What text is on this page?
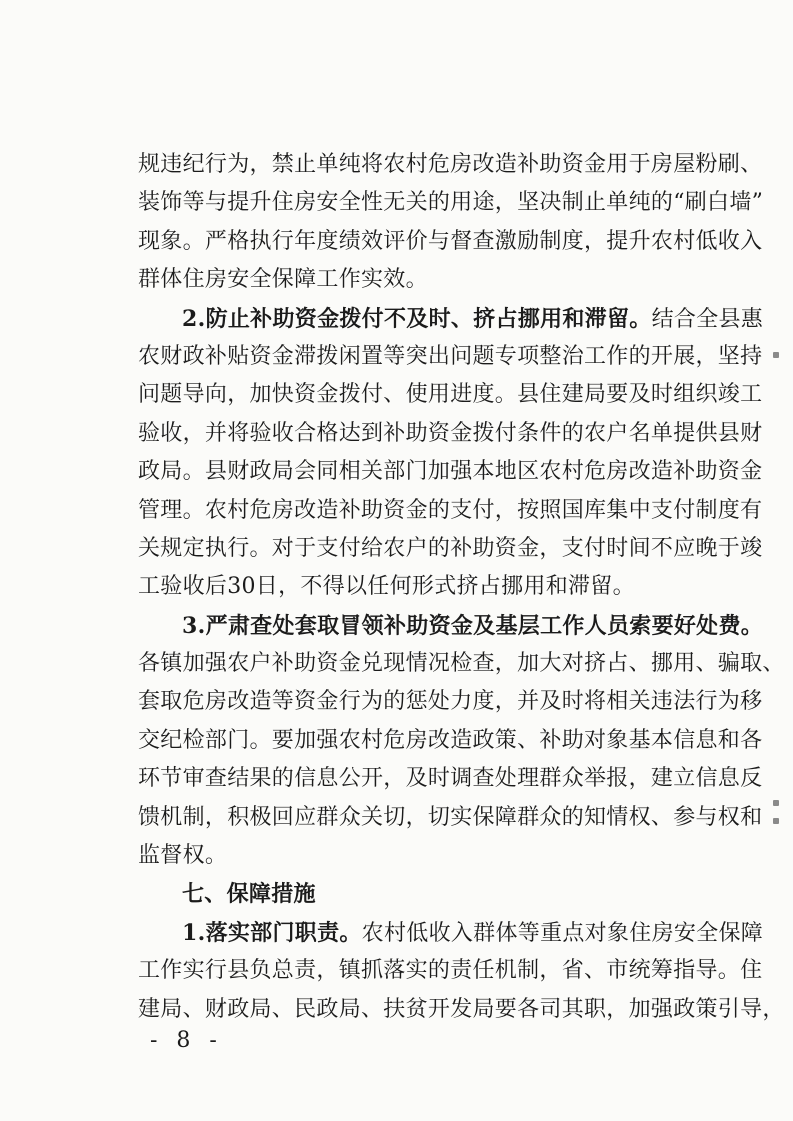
规违纪行为，禁止单纯将农村危房改造补助资金用于房屋粉刷、
装饰等与提升住房安全性无关的用途，坚决制止单纯的“刷白墙”
现象。严格执行年度绩效评价与督查激励制度，提升农村低收入
群体住房安全保障工作实效。
2.防止补助资金拨付不及时、挤占挪用和滞留。结合全县惠
农财政补贴资金滞拨闲置等突出问题专项整治工作的开展，坚持
问题导向，加快资金拨付、使用进度。县住建局要及时组织竣工
验收，并将验收合格达到补助资金拨付条件的农户名单提供县财
政局。县财政局会同相关部门加强本地区农村危房改造补助资金
管理。农村危房改造补助资金的支付，按照国库集中支付制度有
关规定执行。对于支付给农户的补助资金，支付时间不应晚于竣
工验收后30日，不得以任何形式挤占挪用和滞留。
3.严肃查处套取冒领补助资金及基层工作人员索要好处费。
各镇加强农户补助资金兑现情况检查，加大对挤占、挪用、骗取、
套取危房改造等资金行为的惩处力度，并及时将相关违法行为移
交纪检部门。要加强农村危房改造政策、补助对象基本信息和各
环节审查结果的信息公开，及时调查处理群众举报，建立信息反
馈机制，积极回应群众关切，切实保障群众的知情权、参与权和
监督权。
七、保障措施
1.落实部门职责。农村低收入群体等重点对象住房安全保障
工作实行县负总责，镇抓落实的责任机制，省、市统筹指导。住
建局、财政局、民政局、扶贫开发局要各司其职，加强政策引导，
- 8 -
